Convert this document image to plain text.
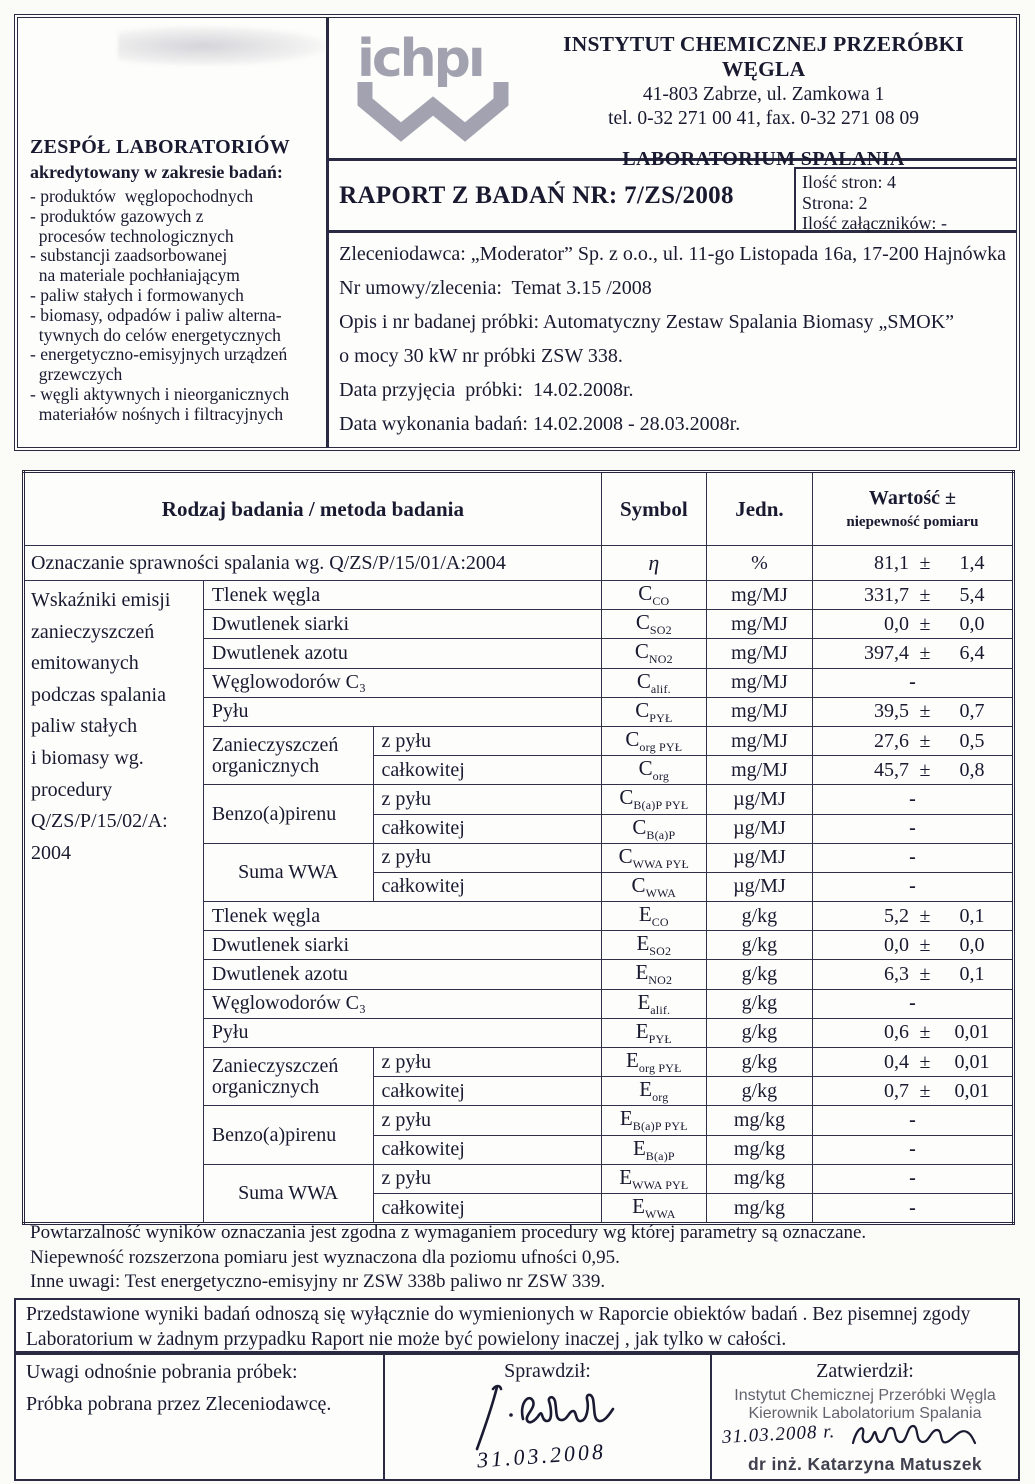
ZESPÓŁ LABORATORIÓW
akredytowany w zakresie badań:
- produktów  węglopochodnych
- produktów gazowych z
procesów technologicznych
- substancji zaadsorbowanej
na materiale pochłaniającym
- paliw stałych i formowanych
- biomasy, odpadów i paliw alterna-
tywnych do celów energetycznych
- energetyczno-emisyjnych urządzeń
grzewczych
- węgli aktywnych i nieorganicznych
materiałów nośnych i filtracyjnych
ichpı	INSTYTUT CHEMICZNEJ PRZERÓBKI WĘGLA
41-803 Zabrze, ul. Zamkowa 1
tel. 0-32 271 00 41, fax. 0-32 271 08 09
LABORATORIUM SPALANIA
RAPORT Z BADAŃ NR: 7/ZS/2008	Ilość stron: 4
Strona: 2
Ilość załączników: -
Zleceniodawca: „Moderator” Sp. z o.o., ul. 11-go Listopada 16a, 17-200 Hajnówka
Nr umowy/zlecenia:  Temat 3.15 /2008
Opis i nr badanej próbki: Automatyczny Zestaw Spalania Biomasy „SMOK”
o mocy 30 kW nr próbki ZSW 338.
Data przyjęcia  próbki:  14.02.2008r.
Data wykonania badań: 14.02.2008 - 28.03.2008r.
Rodzaj badania / metoda badania			Symbol	Jedn.	Wartość ±
niepewność pomiaru

Oznaczanie sprawności spalania wg. Q/ZS/P/15/01/A:2004			η	%	81,1 ± 1,4

Wskaźniki emisji
zanieczyszczeń
emitowanych
podczas spalania
paliw stałych
i biomasy wg.
procedury
Q/ZS/P/15/02/A:
2004
	Tlenek węgla	$C_{CO}$	mg/MJ	331,7 ±	5,4

	Dwutlenek siarki		$C_{SO2}$	mg/MJ	0,0 ± 0,0

	Dwutlenek azotu		$C_{NO2}$	mg/MJ	397,4 ± 6,4

	Węglowodorów C₃		$C_{alif.}$	mg/MJ	-

	Pyłu		$C_{PYŁ}$	mg/MJ	39,5 ± 0,7

	Zanieczyszczeń organicznych	z pyłu	$C_{org PYŁ}$	mg/MJ	27,6 ± 0,5

		całkowitej	$C_{org}$	mg/MJ	45,7 ± 0,8

	Benzo(a)pirenu	z pyłu	$C_{B(a)P PYŁ}$	µg/MJ	-

		całkowitej	$C_{B(a)P}$	µg/MJ	-

	Suma WWA	z pyłu	$C_{WWA PYŁ}$	µg/MJ	-

		całkowitej	$C_{WWA}$	µg/MJ	-

	Tlenek węgla		$E_{CO}$	g/kg	5,2 ± 0,1

	Dwutlenek siarki		$E_{SO2}$	g/kg	0,0 ± 0,0

	Dwutlenek azotu		$E_{NO2}$	g/kg	6,3 ± 0,1

	Węglowodorów C₃		$E_{alif.}$	g/kg	-

	Pyłu		$E_{PYŁ}$	g/kg	0,6 ± 0,01

	Zanieczyszczeń organicznych	z pyłu	$E_{org PYŁ}$	g/kg	0,4 ± 0,01

		całkowitej	$E_{org}$	g/kg	0,7 ± 0,01

	Benzo(a)pirenu	z pyłu	$E_{B(a)P PYŁ}$	mg/kg	-

		całkowitej	$E_{B(a)P}$	mg/kg	-

	Suma WWA	z pyłu	$E_{WWA PYŁ}$	mg/kg	-

		całkowitej	$E_{WWA}$	mg/kg	-
Powtarzalność wyników oznaczania jest zgodna z wymaganiem procedury wg której parametry są oznaczane.
Niepewność rozszerzona pomiaru jest wyznaczona dla poziomu ufności 0,95.
Inne uwagi: Test energetyczno-emisyjny nr ZSW 338b paliwo nr ZSW 339.
Przedstawione wyniki badań odnoszą się wyłącznie do wymienionych w Raporcie obiektów badań . Bez pisemnej zgody Laboratorium w żadnym przypadku Raport nie może być powielony inaczej , jak tylko w całości.
Uwagi odnośnie pobrania próbek:
Próbka pobrana przez Zleceniodawcę.
Sprawdził:
31.03.2008
Zatwierdził:
Instytut Chemicznej Przeróbki Węgla
Kierownik Labolatorium Spalania
31.03.2008 r.
dr inż. Katarzyna Matuszek
